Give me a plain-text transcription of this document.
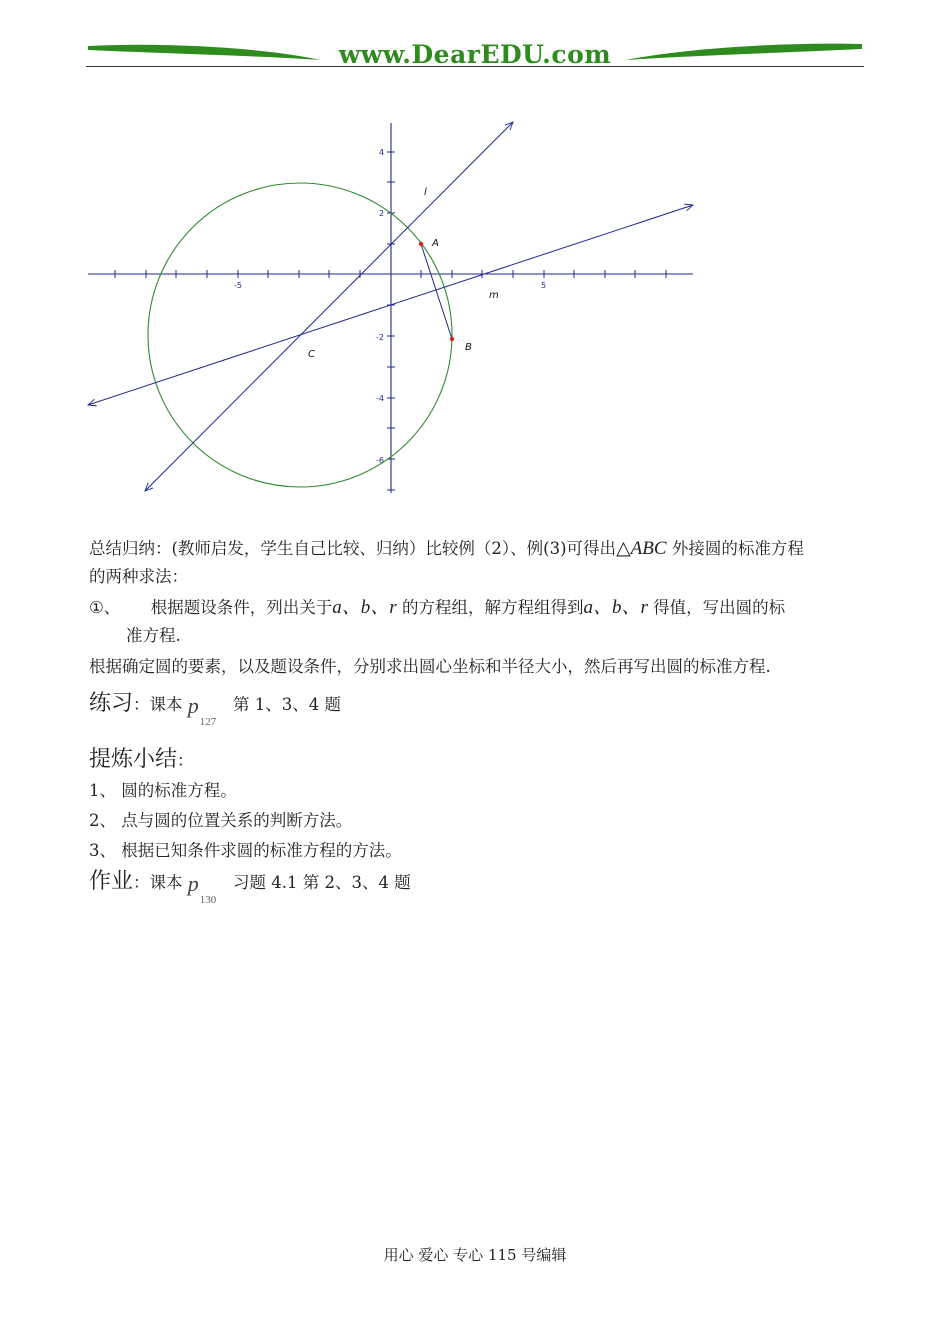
www.DearEDU.com
-5	5
4
2
-2
-4
-6
l
A
m
B
C
总结归纳：(教师启发，学生自己比较、归纳）比较例（2）、例(3)可得出△ABC 外接圆的标准方程
的两种求法：
①、 根据题设条件，列出关于a、b、r 的方程组，解方程组得到a、b、r 得值，写出圆的标
准方程.
根据确定圆的要素，以及题设条件，分别求出圆心坐标和半径大小，然后再写出圆的标准方程.
练习：课本 p
127
第 1、3、4 题
提炼小结：
1、 圆的标准方程。
2、 点与圆的位置关系的判断方法。
3、 根据已知条件求圆的标准方程的方法。
作业：课本 p
130
习题 4.1 第 2、3、4 题
用心 爱心 专心 115 号编辑
